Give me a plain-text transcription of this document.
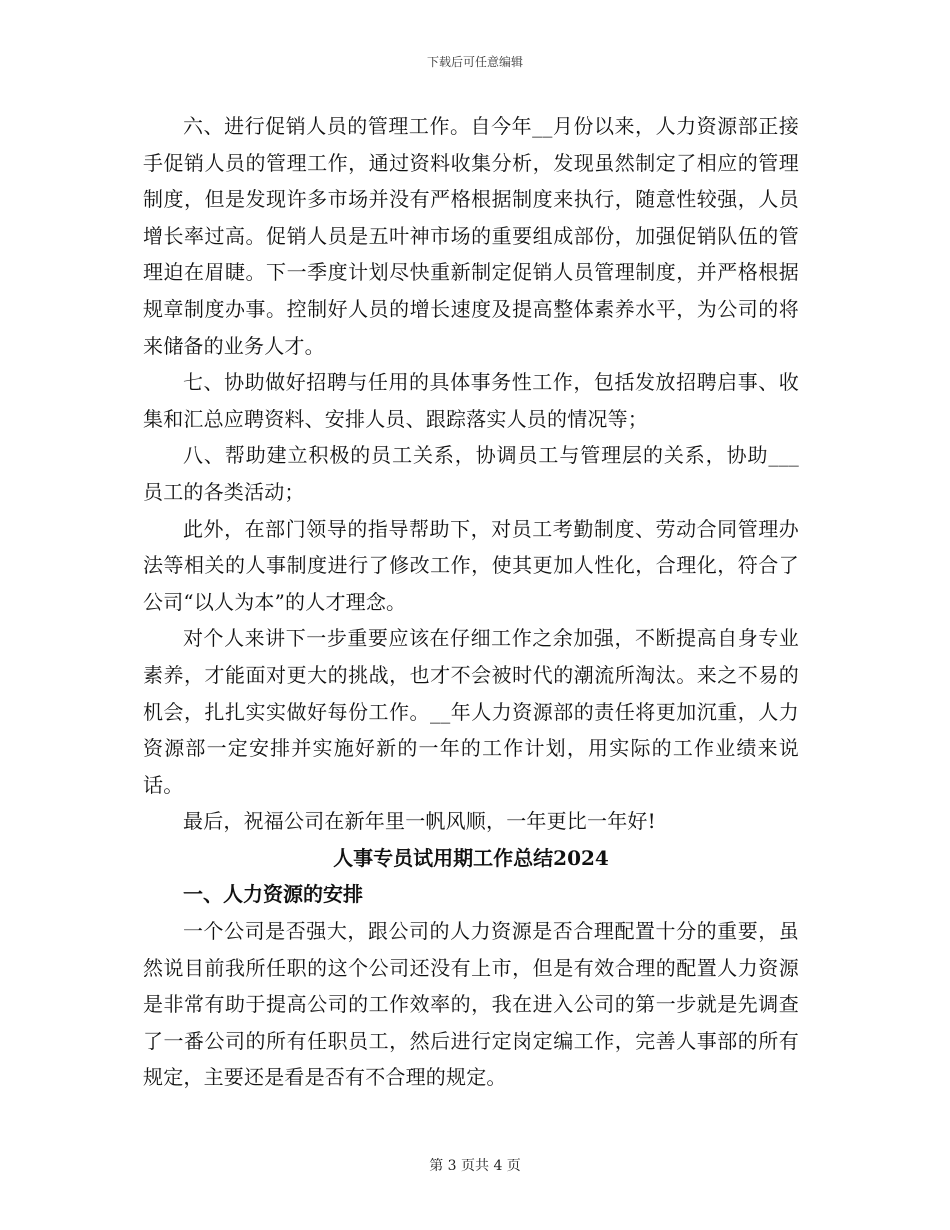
下载后可任意编辑

六、进行促销人员的管理工作。自今年__月份以来，人力资源部正接手促销人员的管理工作，通过资料收集分析，发现虽然制定了相应的管理制度，但是发现许多市场并没有严格根据制度来执行，随意性较强，人员增长率过高。促销人员是五叶神市场的重要组成部份，加强促销队伍的管理迫在眉睫。下一季度计划尽快重新制定促销人员管理制度，并严格根据规章制度办事。控制好人员的增长速度及提高整体素养水平，为公司的将来储备的业务人才。

七、协助做好招聘与任用的具体事务性工作，包括发放招聘启事、收集和汇总应聘资料、安排人员、跟踪落实人员的情况等；

八、帮助建立积极的员工关系，协调员工与管理层的关系，协助___员工的各类活动；

此外，在部门领导的指导帮助下，对员工考勤制度、劳动合同管理办法等相关的人事制度进行了修改工作，使其更加人性化，合理化，符合了公司“以人为本”的人才理念。

对个人来讲下一步重要应该在仔细工作之余加强，不断提高自身专业素养，才能面对更大的挑战，也才不会被时代的潮流所淘汰。来之不易的机会，扎扎实实做好每份工作。__年人力资源部的责任将更加沉重，人力资源部一定安排并实施好新的一年的工作计划，用实际的工作业绩来说话。

最后，祝福公司在新年里一帆风顺，一年更比一年好!

人事专员试用期工作总结2024
一、人力资源的安排

一个公司是否强大，跟公司的人力资源是否合理配置十分的重要，虽然说目前我所任职的这个公司还没有上市，但是有效合理的配置人力资源是非常有助于提高公司的工作效率的，我在进入公司的第一步就是先调查了一番公司的所有任职员工，然后进行定岗定编工作，完善人事部的所有规定，主要还是看是否有不合理的规定。

第 3 页共 4 页
